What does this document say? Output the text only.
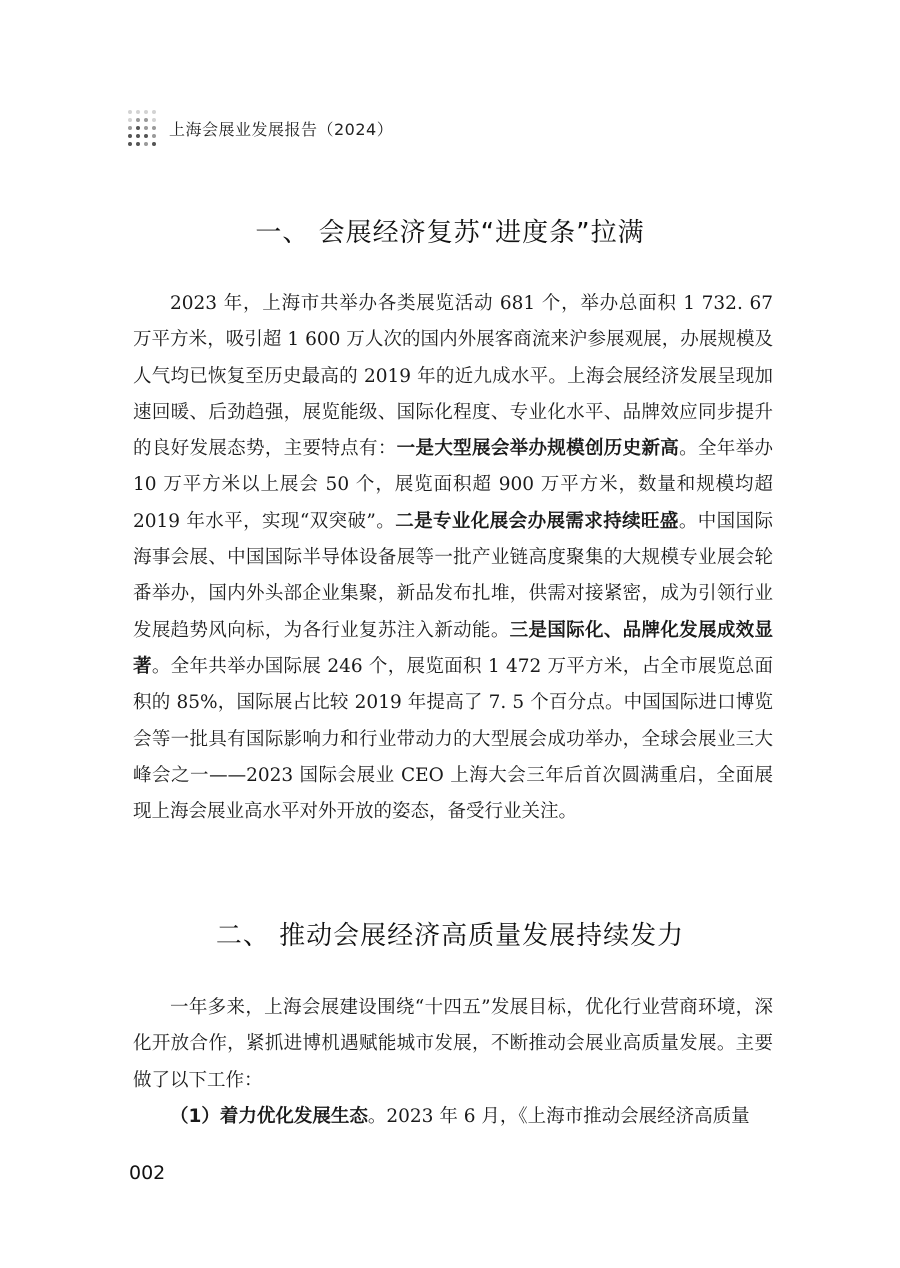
上海会展业发展报告（2024）
一、 会展经济复苏“进度条”拉满

2023 年，上海市共举办各类展览活动 681 个，举办总面积 1 732. 67 万平方米，吸引超 1 600 万人次的国内外展客商流来沪参展观展，办展规模及人气均已恢复至历史最高的 2019 年的近九成水平。上海会展经济发展呈现加速回暖、后劲趋强，展览能级、国际化程度、专业化水平、品牌效应同步提升的良好发展态势，主要特点有：一是大型展会举办规模创历史新高。全年举办 10 万平方米以上展会 50 个，展览面积超 900 万平方米，数量和规模均超 2019 年水平，实现“双突破”。二是专业化展会办展需求持续旺盛。中国国际海事会展、中国国际半导体设备展等一批产业链高度聚集的大规模专业展会轮番举办，国内外头部企业集聚，新品发布扎堆，供需对接紧密，成为引领行业发展趋势风向标，为各行业复苏注入新动能。三是国际化、品牌化发展成效显著。全年共举办国际展 246 个，展览面积 1 472 万平方米，占全市展览总面积的 85%，国际展占比较 2019 年提高了 7. 5 个百分点。中国国际进口博览会等一批具有国际影响力和行业带动力的大型展会成功举办，全球会展业三大峰会之一——2023 国际会展业 CEO 上海大会三年后首次圆满重启，全面展现上海会展业高水平对外开放的姿态，备受行业关注。

二、 推动会展经济高质量发展持续发力

一年多来，上海会展建设围绕“十四五”发展目标，优化行业营商环境，深化开放合作，紧抓进博机遇赋能城市发展，不断推动会展业高质量发展。主要做了以下工作：

（1）着力优化发展生态。2023 年 6 月，《上海市推动会展经济高质量

002
